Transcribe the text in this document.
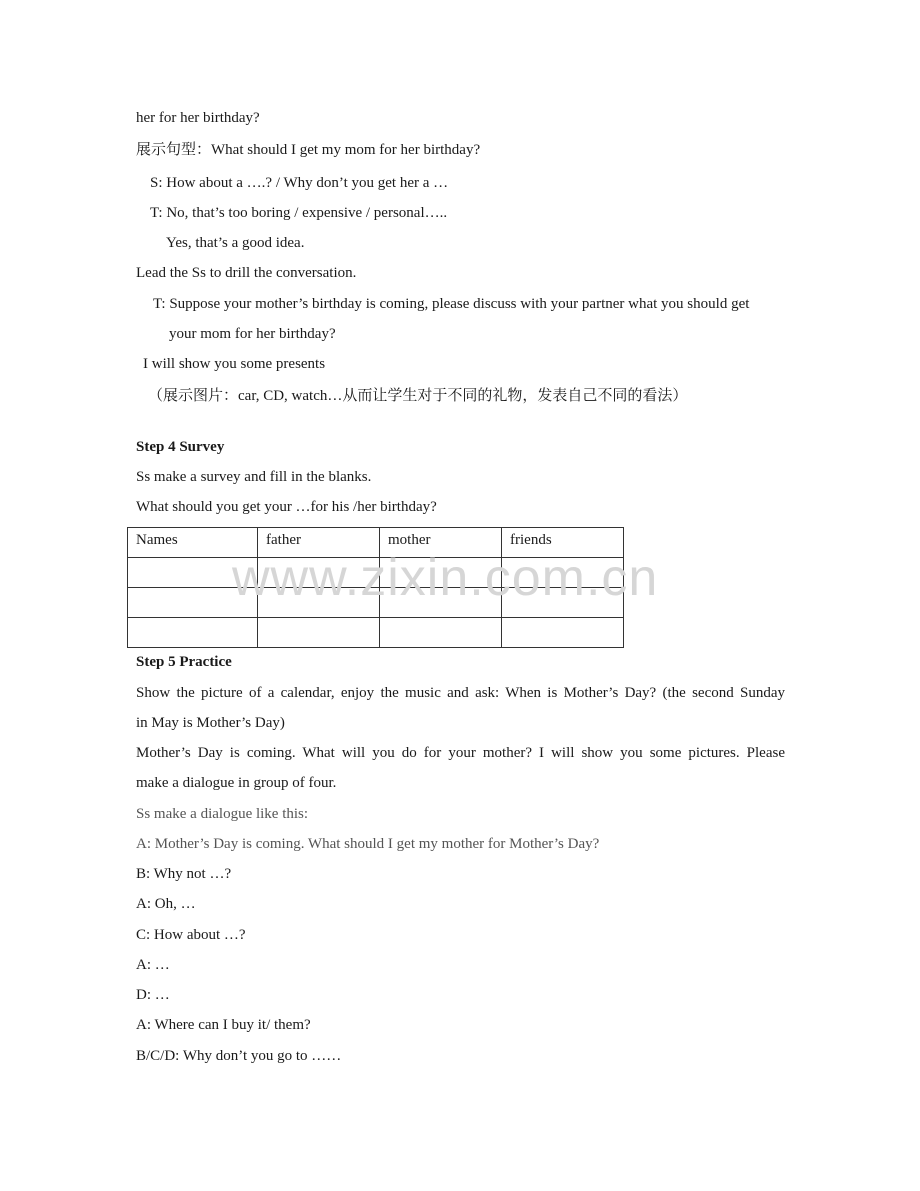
her for her birthday?
展示句型：What should I get my mom for her birthday?
S: How about a ….? / Why don’t you get her a …
T: No, that’s too boring / expensive / personal…..
Yes, that’s a good idea.
Lead the Ss to drill the conversation.
T: Suppose your mother’s birthday is coming, please discuss with your partner what you should get
your mom for her birthday?
I will show you some presents
（展示图片：car, CD, watch…从而让学生对于不同的礼物，发表自己不同的看法）
Step 4 Survey
Ss make a survey and fill in the blanks.
What should you get your …for his /her birthday?
Names	father	mother	friends

www.zixin.com.cn
Step 5 Practice
Show the picture of a calendar, enjoy the music and ask: When is Mother’s Day? (the second Sunday
in May is Mother’s Day)
Mother’s Day is coming. What will you do for your mother? I will show you some pictures. Please
make a dialogue in group of four.
Ss make a dialogue like this:
A: Mother’s Day is coming. What should I get my mother for Mother’s Day?
B: Why not …?
A: Oh, …
C: How about …?
A: …
D: …
A: Where can I buy it/ them?
B/C/D: Why don’t you go to ……
